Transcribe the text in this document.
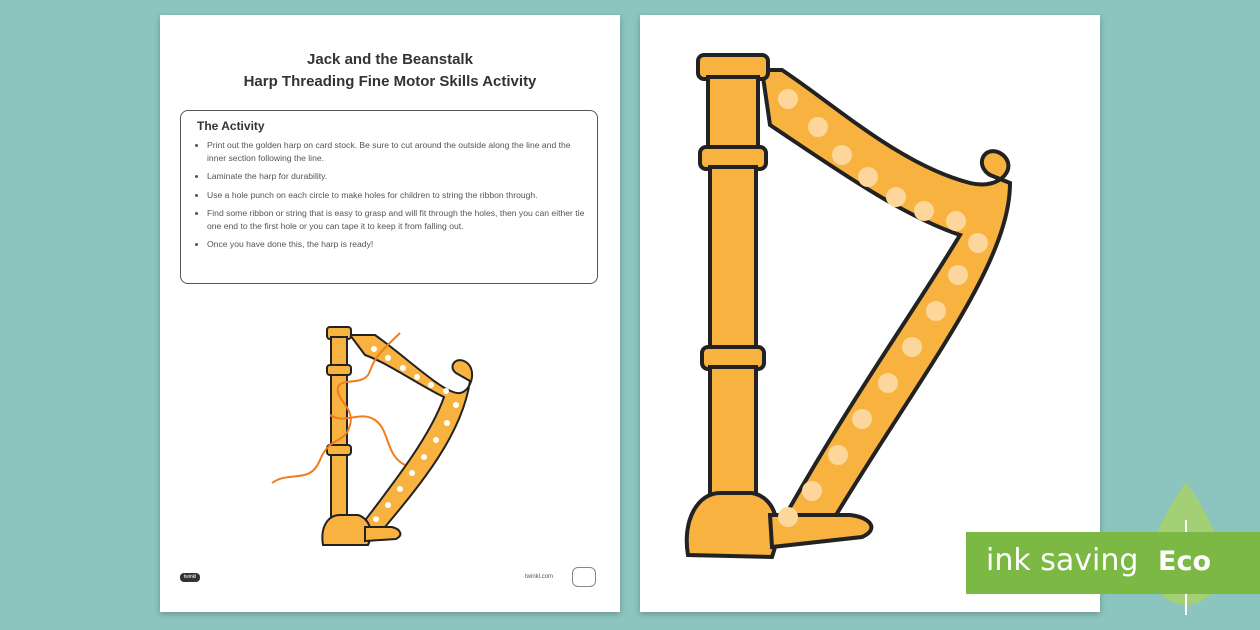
Jack and the Beanstalk
Harp Threading Fine Motor Skills Activity
The Activity
• Print out the golden harp on card stock. Be sure to cut around the outside along the line and the inner section following the line.
• Laminate the harp for durability.
• Use a hole punch on each circle to make holes for children to string the ribbon through.
• Find some ribbon or string that is easy to grasp and will fit through the holes, then you can either tie one end to the first hole or you can tape it to keep it from falling out.
• Once you have done this, the harp is ready!
twinkl	twinkl.com	ink saving Eco
